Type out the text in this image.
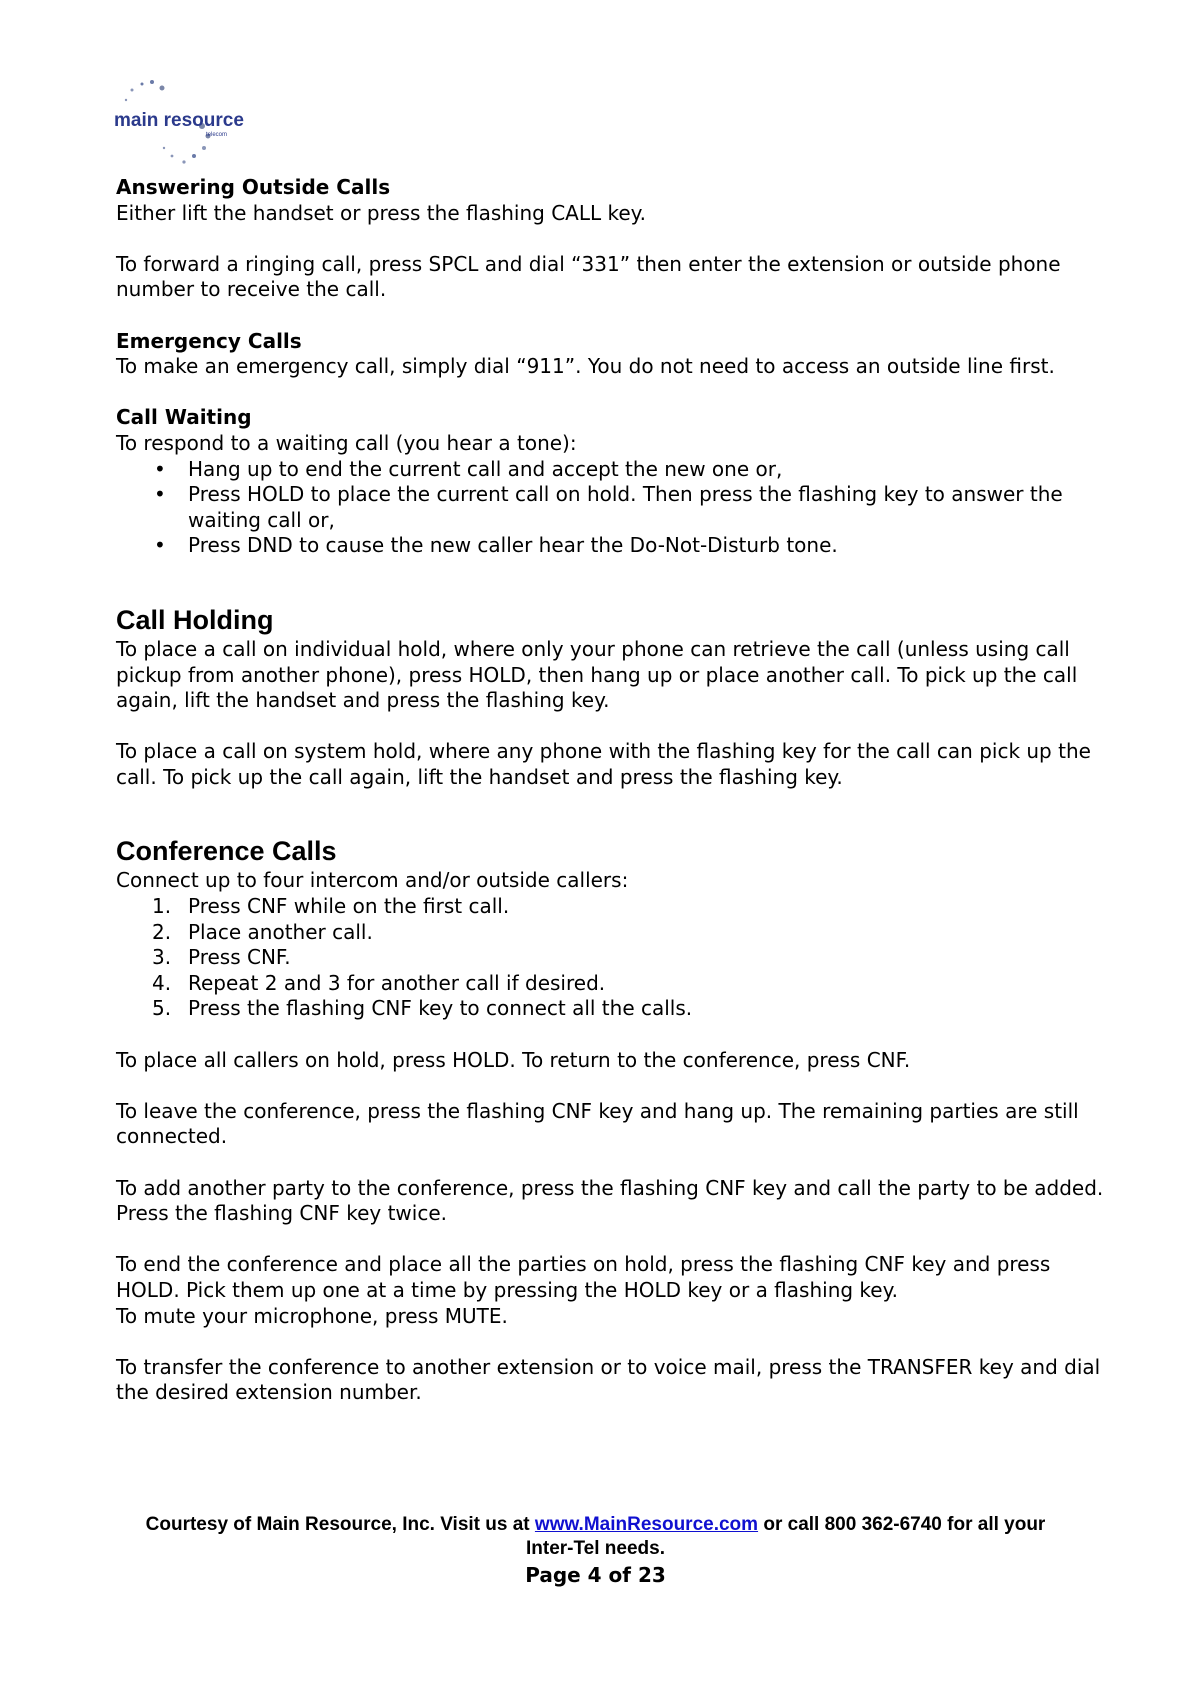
main resource
telecom

Answering Outside Calls

Either lift the handset or press the flashing CALL key.

To forward a ringing call, press SPCL and dial “331” then enter the extension or outside phone number to receive the call.

Emergency Calls

To make an emergency call, simply dial “911”. You do not need to access an outside line first.

Call Waiting

To respond to a waiting call (you hear a tone):

• Hang up to end the current call and accept the new one or,
• Press HOLD to place the current call on hold. Then press the flashing key to answer the waiting call or,
• Press DND to cause the new caller hear the Do-Not-Disturb tone.
Call Holding

To place a call on individual hold, where only your phone can retrieve the call (unless using call pickup from another phone), press HOLD, then hang up or place another call. To pick up the call again, lift the handset and press the flashing key.

To place a call on system hold, where any phone with the flashing key for the call can pick up the call. To pick up the call again, lift the handset and press the flashing key.

Conference Calls

Connect up to four intercom and/or outside callers:

1. Press CNF while on the first call.
2. Place another call.
3. Press CNF.
4. Repeat 2 and 3 for another call if desired.
5. Press the flashing CNF key to connect all the calls.

To place all callers on hold, press HOLD. To return to the conference, press CNF.

To leave the conference, press the flashing CNF key and hang up. The remaining parties are still connected.

To add another party to the conference, press the flashing CNF key and call the party to be added. Press the flashing CNF key twice.

To end the conference and place all the parties on hold, press the flashing CNF key and press HOLD. Pick them up one at a time by pressing the HOLD key or a flashing key.

To mute your microphone, press MUTE.

To transfer the conference to another extension or to voice mail, press the TRANSFER key and dial the desired extension number.

Courtesy of Main Resource, Inc. Visit us at www.MainResource.com or call 800 362-6740 for all your
Inter-Tel needs.
Page 4 of 23
